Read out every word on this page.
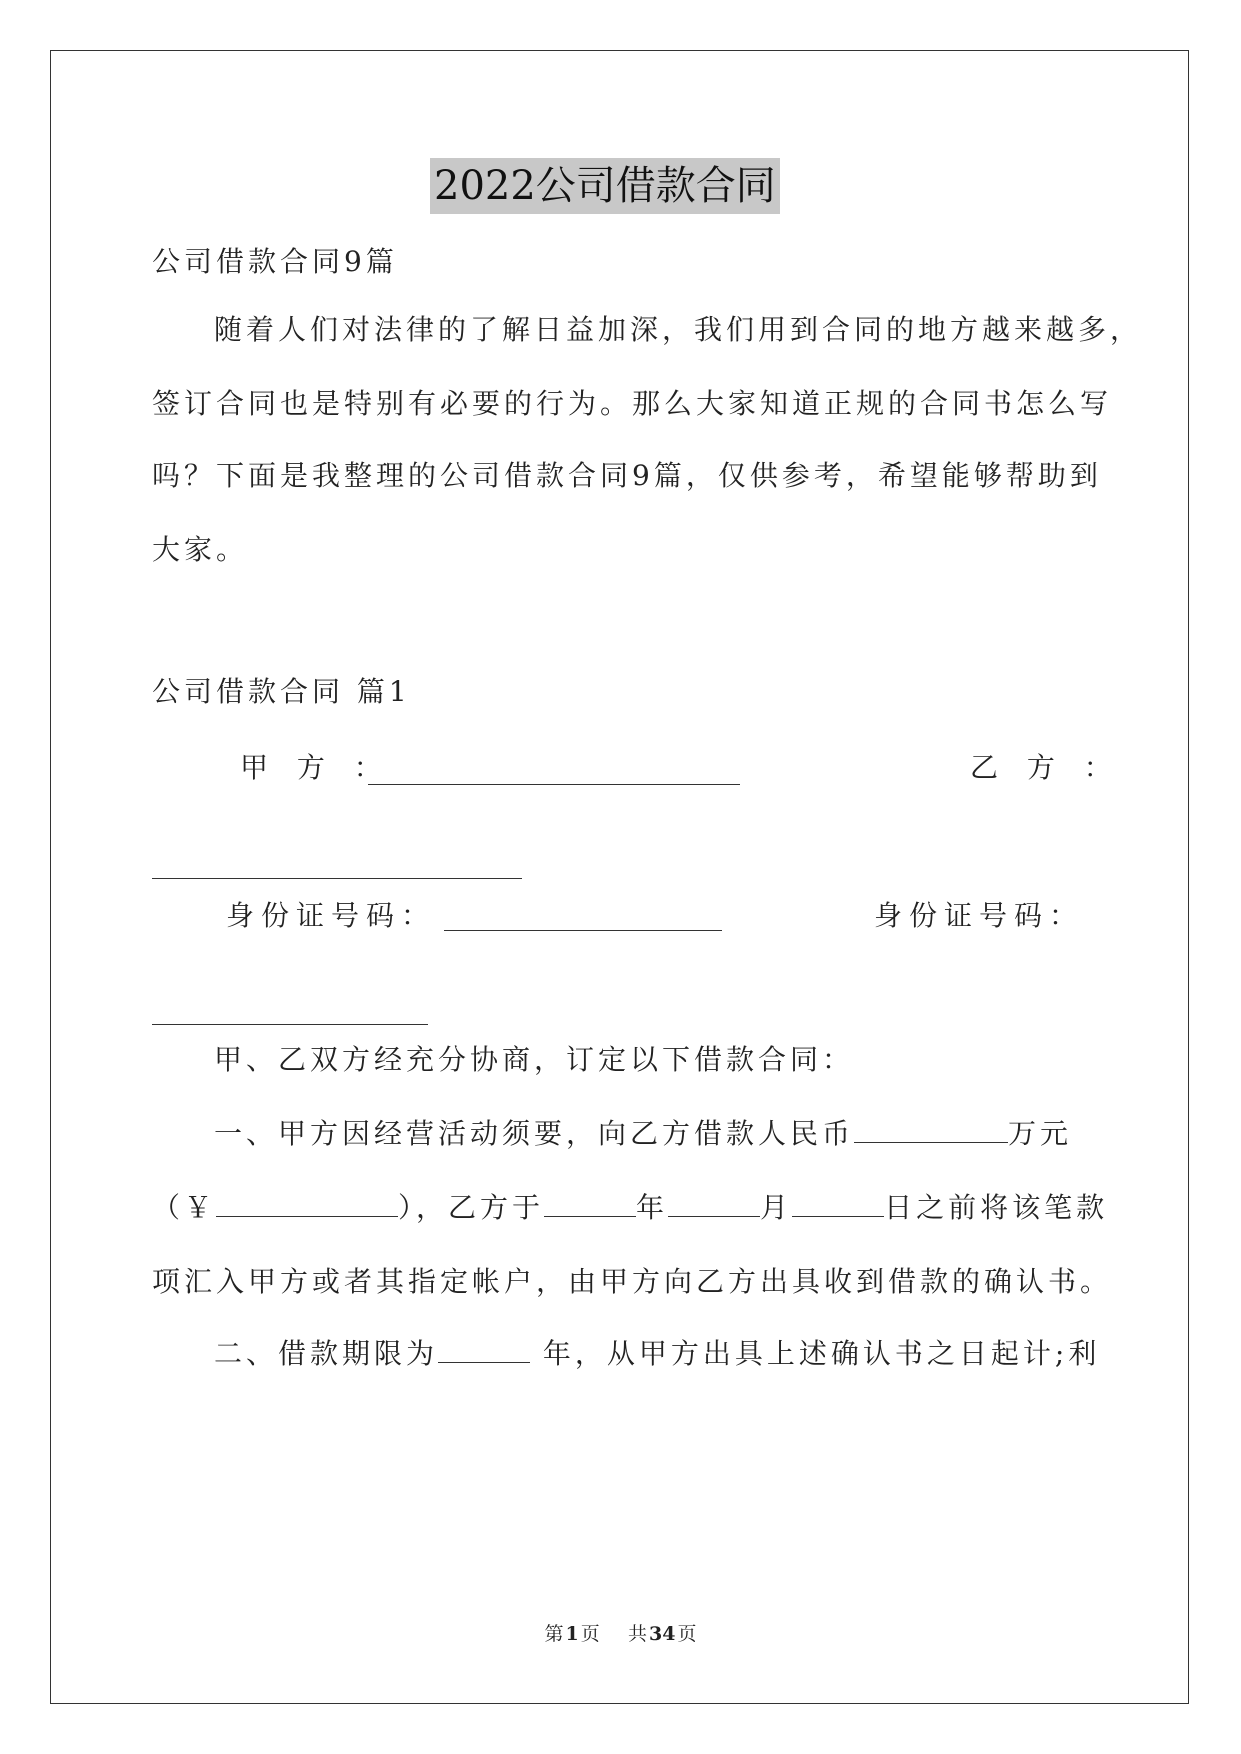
2022公司借款合同
公司借款合同9篇
随着人们对法律的了解日益加深，我们用到合同的地方越来越多，
签订合同也是特别有必要的行为。那么大家知道正规的合同书怎么写
吗？下面是我整理的公司借款合同9篇，仅供参考，希望能够帮助到
大家。
公司借款合同 篇1
甲 方 ：	乙 方 ：
身份证号码：	身份证号码：
甲、乙双方经充分协商，订定以下借款合同：
一、甲方因经营活动须要，向乙方借款人民币	万元
（￥	），乙方于	年	月	日之前将该笔款
项汇入甲方或者其指定帐户，由甲方向乙方出具收到借款的确认书。
二、借款期限为	年，从甲方出具上述确认书之日起计;利
第 1 页 共 34 页
